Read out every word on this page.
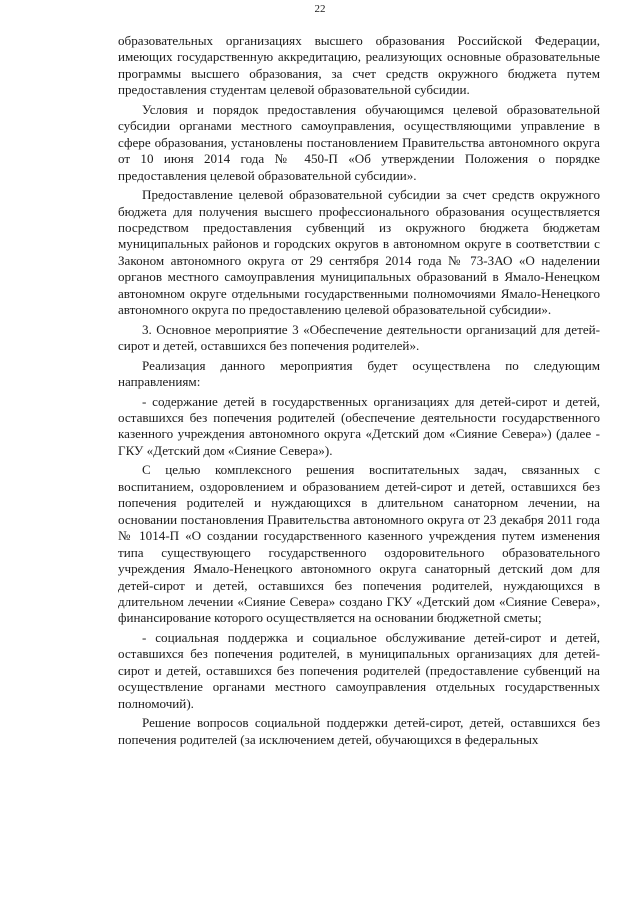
22

образовательных организациях высшего образования Российской Федерации, имеющих государственную аккредитацию, реализующих основные образовательные программы высшего образования, за счет средств окружного бюджета путем предоставления студентам целевой образовательной субсидии.

Условия и порядок предоставления обучающимся целевой образовательной субсидии органами местного самоуправления, осуществляющими управление в сфере образования, установлены постановлением Правительства автономного округа от 10 июня 2014 года № 450-П «Об утверждении Положения о порядке предоставления целевой образовательной субсидии».

Предоставление целевой образовательной субсидии за счет средств окружного бюджета для получения высшего профессионального образования осуществляется посредством предоставления субвенций из окружного бюджета бюджетам муниципальных районов и городских округов в автономном округе в соответствии с Законом автономного округа от 29 сентября 2014 года № 73-ЗАО «О наделении органов местного самоуправления муниципальных образований в Ямало-Ненецком автономном округе отдельными государственными полномочиями Ямало-Ненецкого автономного округа по предоставлению целевой образовательной субсидии».

3. Основное мероприятие 3 «Обеспечение деятельности организаций для детей-сирот и детей, оставшихся без попечения родителей».

Реализация данного мероприятия будет осуществлена по следующим направлениям:

- содержание детей в государственных организациях для детей-сирот и детей, оставшихся без попечения родителей (обеспечение деятельности государственного казенного учреждения автономного округа «Детский дом «Сияние Севера») (далее - ГКУ «Детский дом «Сияние Севера»).

С целью комплексного решения воспитательных задач, связанных с воспитанием, оздоровлением и образованием детей-сирот и детей, оставшихся без попечения родителей и нуждающихся в длительном санаторном лечении, на основании постановления Правительства автономного округа от 23 декабря 2011 года № 1014-П «О создании государственного казенного учреждения путем изменения типа существующего государственного оздоровительного образовательного учреждения Ямало-Ненецкого автономного округа санаторный детский дом для детей-сирот и детей, оставшихся без попечения родителей, нуждающихся в длительном лечении «Сияние Севера» создано ГКУ «Детский дом «Сияние Севера», финансирование которого осуществляется на основании бюджетной сметы;

- социальная поддержка и социальное обслуживание детей-сирот и детей, оставшихся без попечения родителей, в муниципальных организациях для детей-сирот и детей, оставшихся без попечения родителей (предоставление субвенций на осуществление органами местного самоуправления отдельных государственных полномочий).

Решение вопросов социальной поддержки детей-сирот, детей, оставшихся без попечения родителей (за исключением детей, обучающихся в федеральных
